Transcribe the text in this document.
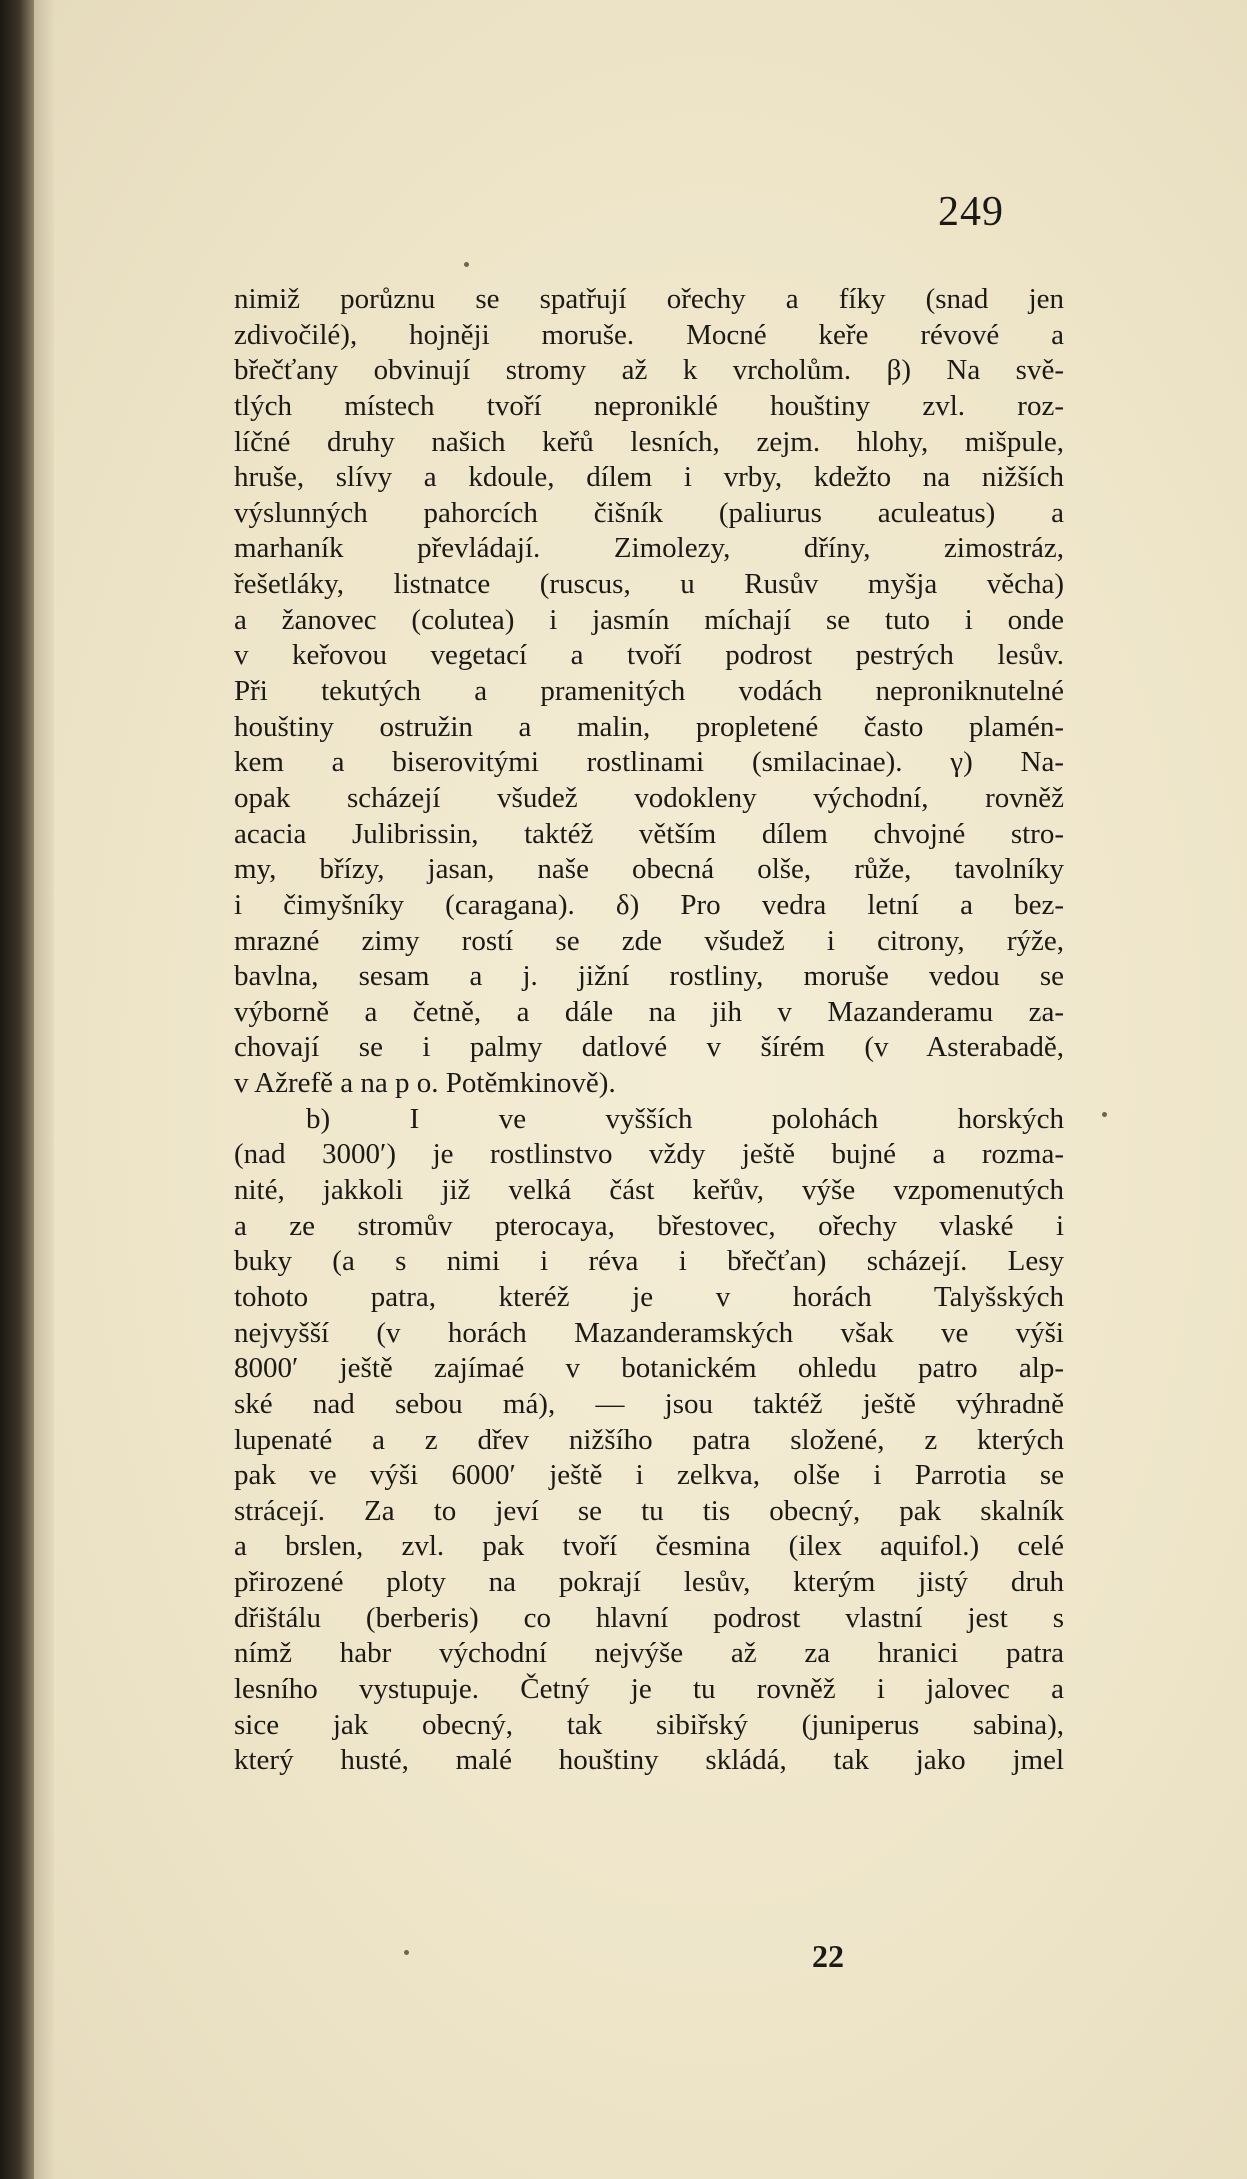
249
nimiž porůznu se spatřují ořechy a fíky (snad jen
zdivočilé), hojněji moruše. Mocné keře révové a
břečťany obvinují stromy až k vrcholům. β) Na svě-
tlých místech tvoří neproniklé houštiny zvl. roz-
líčné druhy našich keřů lesních, zejm. hlohy, mišpule,
hruše, slívy a kdoule, dílem i vrby, kdežto na nižších
výslunných pahorcích čišník (paliurus aculeatus) a
marhaník převládají. Zimolezy, dříny, zimostráz,
řešetláky, listnatce (ruscus, u Rusův myšja věcha)
a žanovec (colutea) i jasmín míchají se tuto i onde
v keřovou vegetací a tvoří podrost pestrých lesův.
Při tekutých a pramenitých vodách neproniknutelné
houštiny ostružin a malin, propletené často plamén-
kem a biserovitými rostlinami (smilacinae). γ) Na-
opak scházejí všudež vodokleny východní, rovněž
acacia Julibrissin, taktéž větším dílem chvojné stro-
my, břízy, jasan, naše obecná olše, růže, tavolníky
i čimyšníky (caragana). δ) Pro vedra letní a bez-
mrazné zimy rostí se zde všudež i citrony, rýže,
bavlna, sesam a j. jižní rostliny, moruše vedou se
výborně a četně, a dále na jih v Mazanderamu za-
chovají se i palmy datlové v šírém (v Asterabadě,
v Ažrefě a na p o. Potěmkinově).
b) I ve vyšších polohách horských
(nad 3000′) je rostlinstvo vždy ještě bujné a rozma-
nité, jakkoli již velká část keřův, výše vzpomenutých
a ze stromův pterocaya, břestovec, ořechy vlaské i
buky (a s nimi i réva i břečťan) scházejí. Lesy
tohoto patra, kteréž je v horách Talyšských
nejvyšší (v horách Mazanderamských však ve výši
8000′ ještě zajímaé v botanickém ohledu patro alp-
ské nad sebou má), — jsou taktéž ještě výhradně
lupenaté a z dřev nižšího patra složené, z kterých
pak ve výši 6000′ ještě i zelkva, olše i Parrotia se
strácejí. Za to jeví se tu tis obecný, pak skalník
a brslen, zvl. pak tvoří česmina (ilex aquifol.) celé
přirozené ploty na pokrají lesův, kterým jistý druh
dřištálu (berberis) co hlavní podrost vlastní jest s
nímž habr východní nejvýše až za hranici patra
lesního vystupuje. Četný je tu rovněž i jalovec a
sice jak obecný, tak sibiřský (juniperus sabina),
který husté, malé houštiny skládá, tak jako jmel
22
